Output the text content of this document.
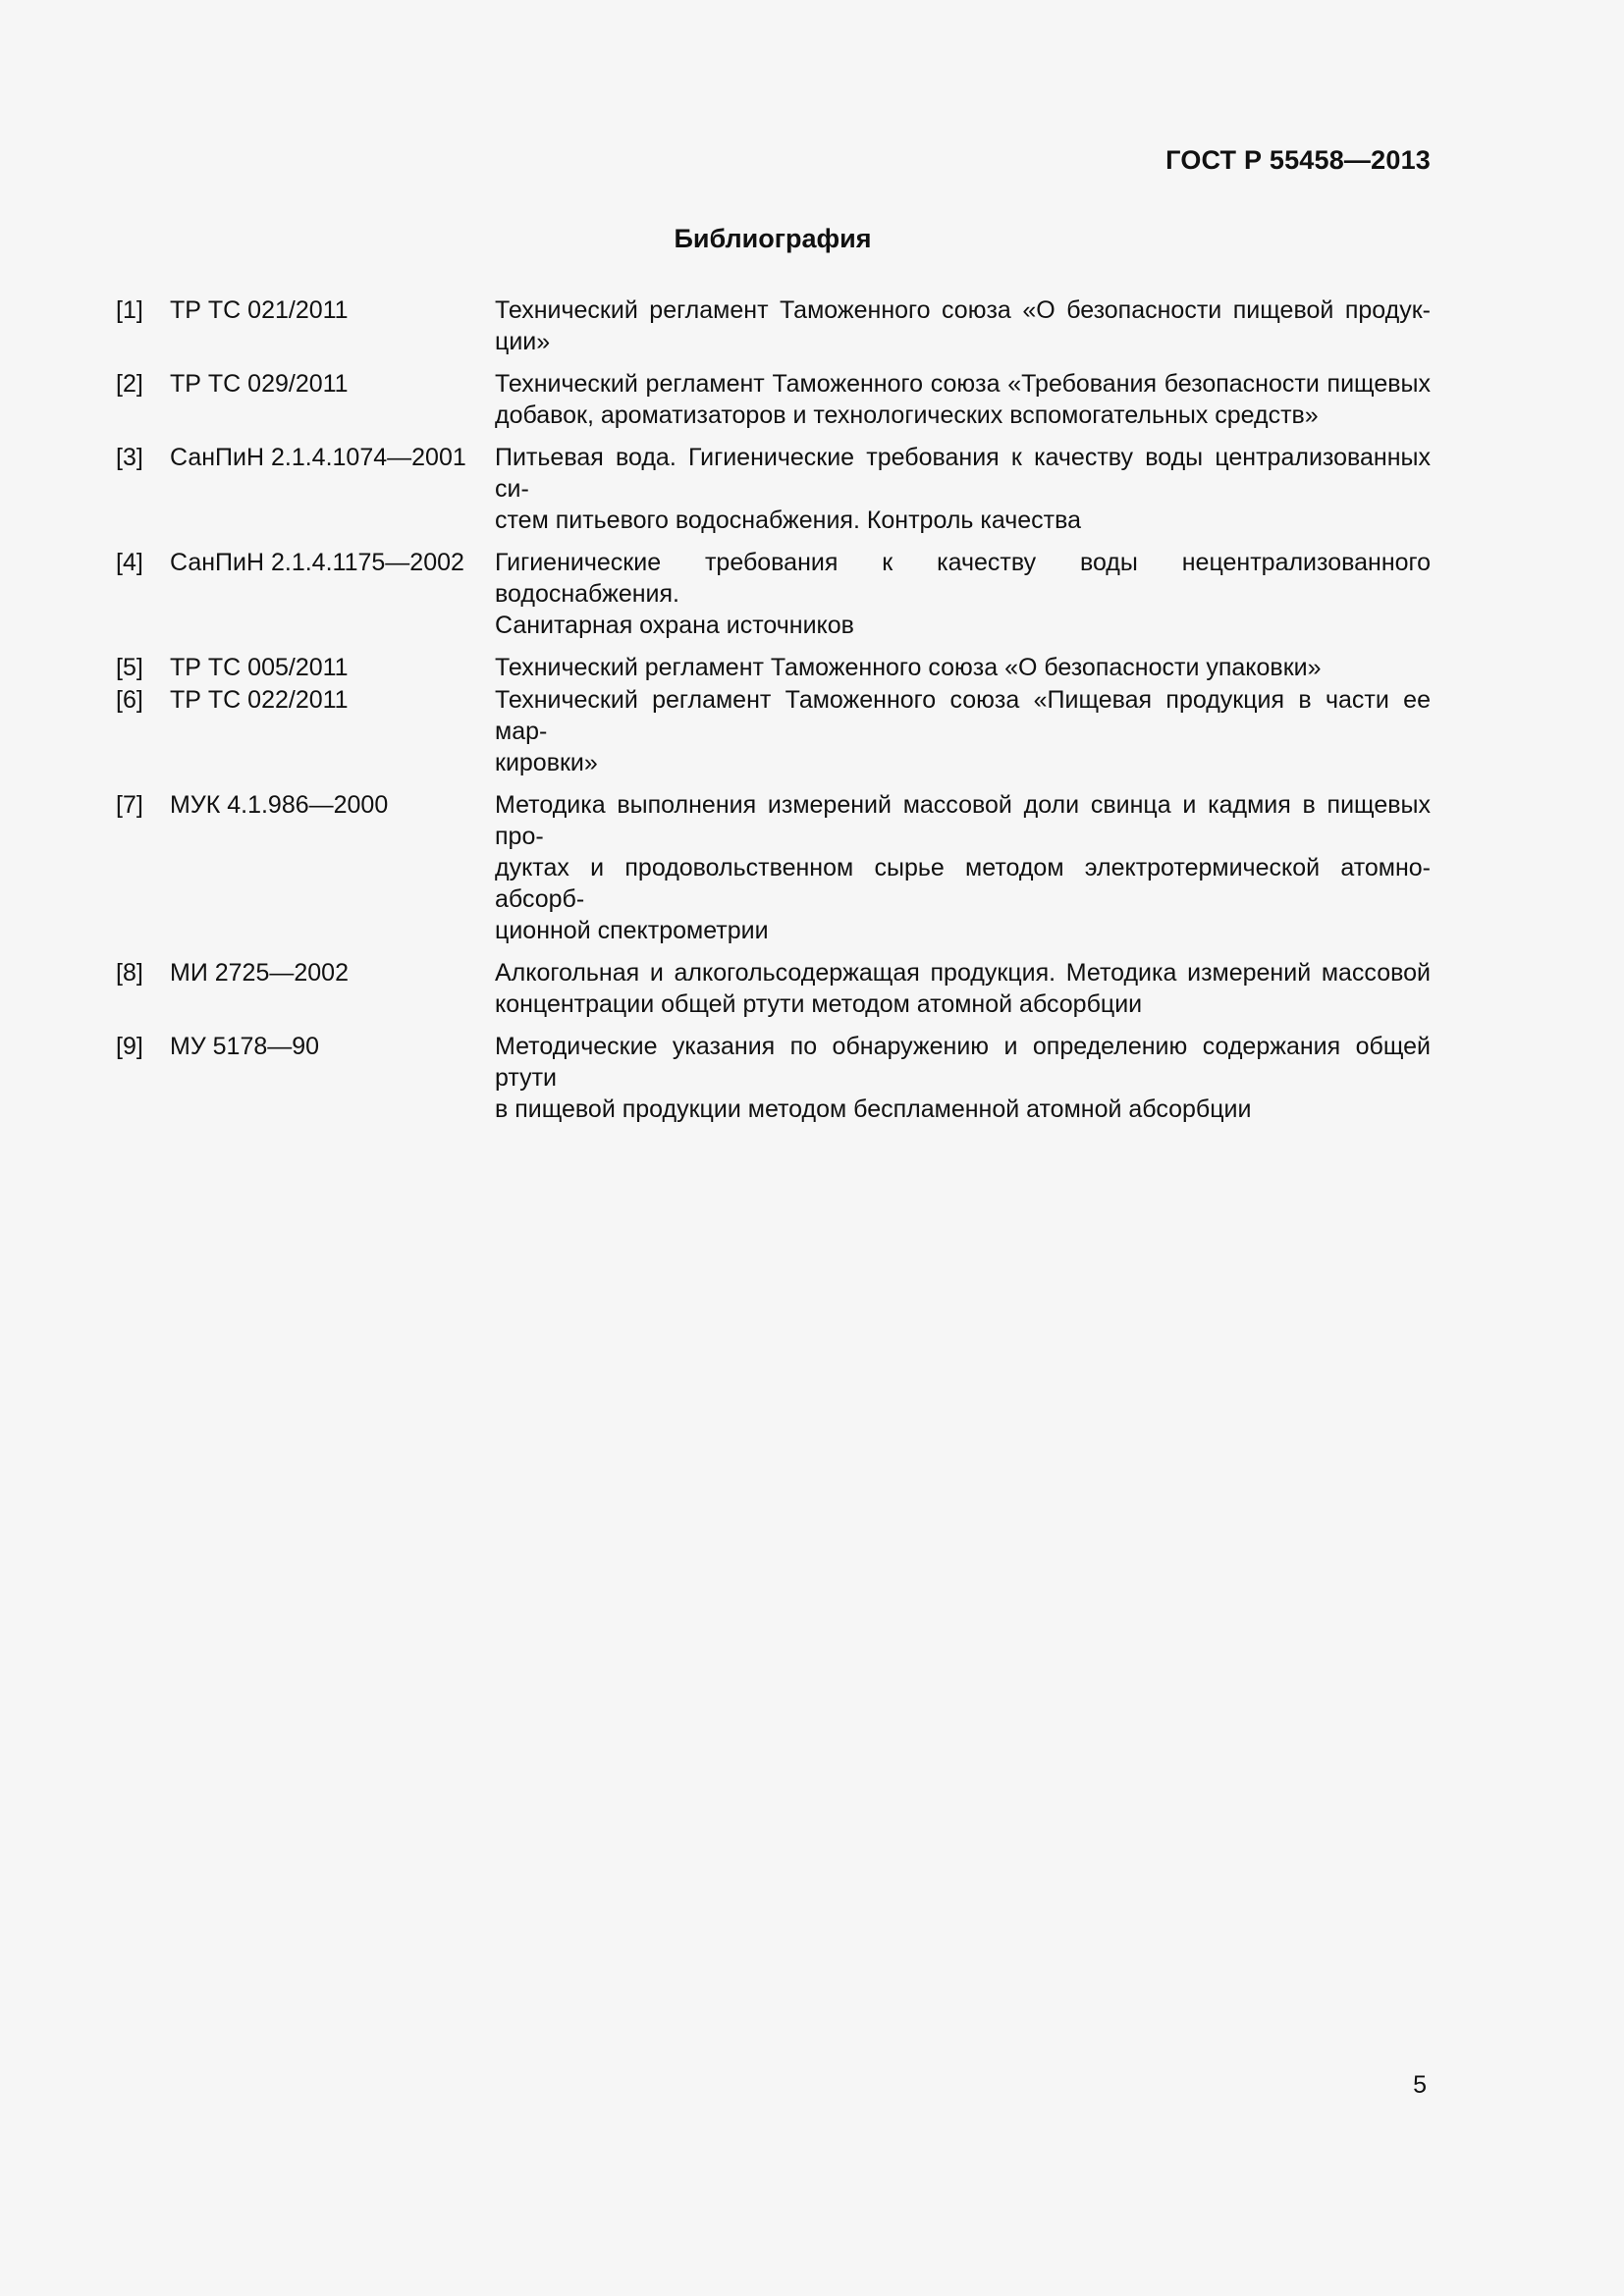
ГОСТ Р 55458—2013
Библиография
[1] ТР ТС 021/2011	Технический регламент Таможенного союза «О безопасности пищевой продук-
ции»
[2] ТР ТС 029/2011	Технический регламент Таможенного союза «Требования безопасности пищевых
добавок, ароматизаторов и технологических вспомогательных средств»
[3] СанПиН 2.1.4.1074—2001 Питьевая вода. Гигиенические требования к качеству воды централизованных си-
стем питьевого водоснабжения. Контроль качества
[4] СанПиН 2.1.4.1175—2002 Гигиенические требования к качеству воды нецентрализованного водоснабжения.
Санитарная охрана источников
[5] ТР ТС 005/2011	Технический регламент Таможенного союза «О безопасности упаковки»
[6] ТР ТС 022/2011	Технический регламент Таможенного союза «Пищевая продукция в части ее мар-
кировки»
[7] МУК 4.1.986—2000	Методика выполнения измерений массовой доли свинца и кадмия в пищевых про-
дуктах и продовольственном сырье методом электротермической атомно-абсорб-
ционной спектрометрии
[8] МИ 2725—2002	Алкогольная и алкогольсодержащая продукция. Методика измерений массовой
концентрации общей ртути методом атомной абсорбции
[9] МУ 5178—90	Методические указания по обнаружению и определению содержания общей ртути
в пищевой продукции методом беспламенной атомной абсорбции
5
